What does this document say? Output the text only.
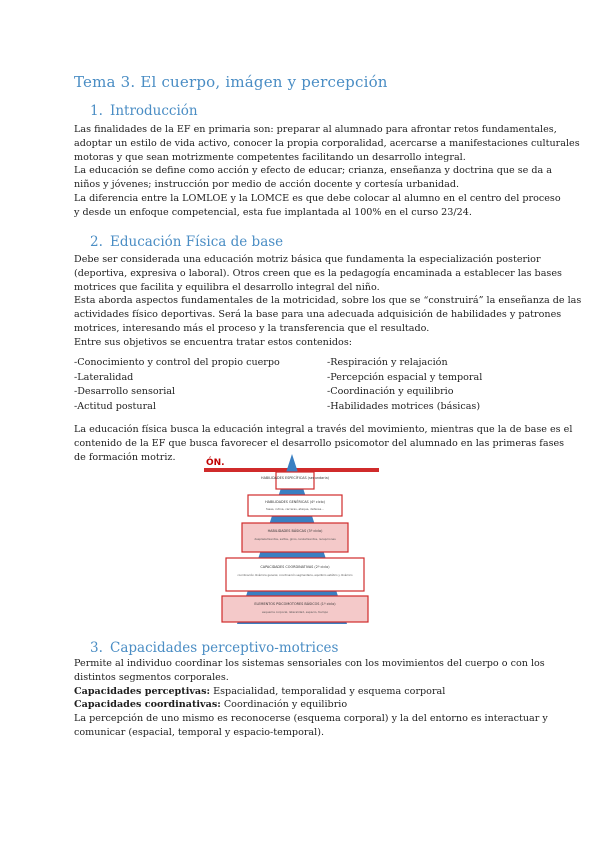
Tema 3. El cuerpo, imágen y percepción
1. Introducción
Las finalidades de la EF en primaria son: preparar al alumnado para afrontar retos fundamentales,
adoptar un estilo de vida activo, conocer la propia corporalidad, acercarse a manifestaciones culturales
motoras y que sean motrizmente competentes facilitando un desarrollo integral.
La educación se define como acción y efecto de educar; crianza, enseñanza y doctrina que se da a
niños y jóvenes; instrucción por medio de acción docente y cortesía urbanidad.
La diferencia entre la LOMLOE y la LOMCE es que debe colocar al alumno en el centro del proceso
y desde un enfoque competencial, esta fue implantada al 100% en el curso 23/24.
2. Educación Física de base
Debe ser considerada una educación motriz básica que fundamenta la especialización posterior
(deportiva, expresiva o laboral). Otros creen que es la pedagogía encaminada a establecer las bases
motrices que facilita y equilibra el desarrollo integral del niño.
Esta aborda aspectos fundamentales de la motricidad, sobre los que se “construirá” la enseñanza de las
actividades físico deportivas. Será la base para una adecuada adquisición de habilidades y patrones
motrices, interesando más el proceso y la transferencia que el resultado.
Entre sus objetivos se encuentra tratar estos contenidos:
-Conocimiento y control del propio cuerpo
-Lateralidad
-Desarrollo sensorial
-Actitud postural
-Respiración y relajación
-Percepción espacial y temporal
-Coordinación y equilibrio
-Habilidades motrices (básicas)
La educación física busca la educación integral a través del movimiento, mientras que la de base es el
contenido de la EF que busca favorecer el desarrollo psicomotor del alumnado en las primeras fases
de formación motriz.
HABILIDADES ESPECÍFICAS (secundaria)
HABILIDADES GENÉRICAS (4º ciclo)
fases, rutina, carreras, ataque, defensa...
HABILIDADES BÁSICAS (3º ciclo)
desplazamientos, saltos, giros, lanzamientos, recepciones
CAPACIDADES COORDINATIVAS (2º ciclo)
coordinación dinámica general, coordinación segmentaria, equilibrio estático y dinámico
ELEMENTOS PSICOMOTORES BÁSICOS (1º ciclo)
esquema corporal, lateralidad, espacio, tiempo
ÓN.
3. Capacidades perceptivo-motrices
Permite al individuo coordinar los sistemas sensoriales con los movimientos del cuerpo o con los
distintos segmentos corporales.
Capacidades perceptivas: Espacialidad, temporalidad y esquema corporal
Capacidades coordinativas: Coordinación y equilibrio
La percepción de uno mismo es reconocerse (esquema corporal) y la del entorno es interactuar y
comunicar (espacial, temporal y espacio-temporal).
